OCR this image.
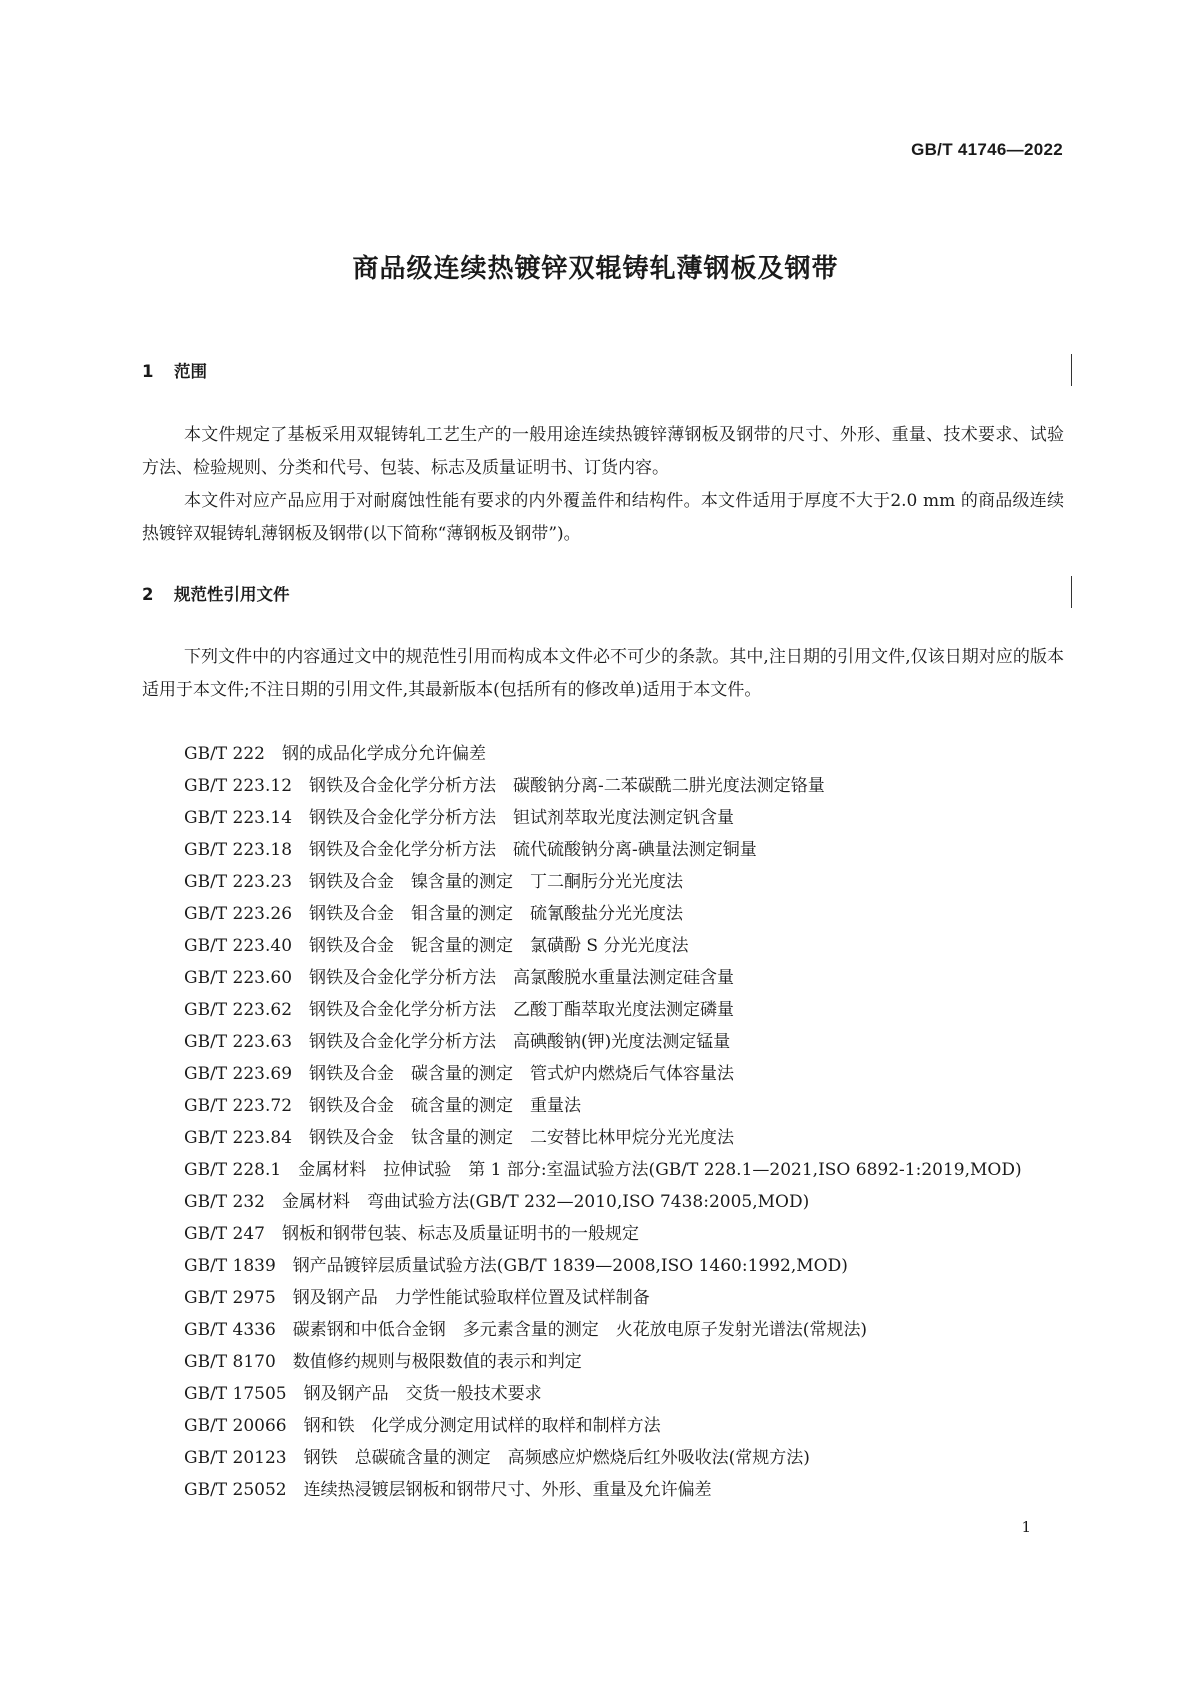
GB/T 41746—2022
商品级连续热镀锌双辊铸轧薄钢板及钢带
1 范围

本文件规定了基板采用双辊铸轧工艺生产的一般用途连续热镀锌薄钢板及钢带的尺寸、外形、重量、技术要求、试验方法、检验规则、分类和代号、包装、标志及质量证明书、订货内容。

本文件对应产品应用于对耐腐蚀性能有要求的内外覆盖件和结构件。本文件适用于厚度不大于2.0 mm 的商品级连续热镀锌双辊铸轧薄钢板及钢带(以下简称“薄钢板及钢带”)。

2 规范性引用文件

下列文件中的内容通过文中的规范性引用而构成本文件必不可少的条款。其中,注日期的引用文件,仅该日期对应的版本适用于本文件;不注日期的引用文件,其最新版本(包括所有的修改单)适用于本文件。

GB/T 222　钢的成品化学成分允许偏差
GB/T 223.12　钢铁及合金化学分析方法　碳酸钠分离-二苯碳酰二肼光度法测定铬量
GB/T 223.14　钢铁及合金化学分析方法　钽试剂萃取光度法测定钒含量
GB/T 223.18　钢铁及合金化学分析方法　硫代硫酸钠分离-碘量法测定铜量
GB/T 223.23　钢铁及合金　镍含量的测定　丁二酮肟分光光度法
GB/T 223.26　钢铁及合金　钼含量的测定　硫氰酸盐分光光度法
GB/T 223.40　钢铁及合金　铌含量的测定　氯磺酚 S 分光光度法
GB/T 223.60　钢铁及合金化学分析方法　高氯酸脱水重量法测定硅含量
GB/T 223.62　钢铁及合金化学分析方法　乙酸丁酯萃取光度法测定磷量
GB/T 223.63　钢铁及合金化学分析方法　高碘酸钠(钾)光度法测定锰量
GB/T 223.69　钢铁及合金　碳含量的测定　管式炉内燃烧后气体容量法
GB/T 223.72　钢铁及合金　硫含量的测定　重量法
GB/T 223.84　钢铁及合金　钛含量的测定　二安替比林甲烷分光光度法
GB/T 228.1　金属材料　拉伸试验　第 1 部分:室温试验方法(GB/T 228.1—2021,ISO 6892-1:2019,MOD)
GB/T 232　金属材料　弯曲试验方法(GB/T 232—2010,ISO 7438:2005,MOD)
GB/T 247　钢板和钢带包装、标志及质量证明书的一般规定
GB/T 1839　钢产品镀锌层质量试验方法(GB/T 1839—2008,ISO 1460:1992,MOD)
GB/T 2975　钢及钢产品　力学性能试验取样位置及试样制备
GB/T 4336　碳素钢和中低合金钢　多元素含量的测定　火花放电原子发射光谱法(常规法)
GB/T 8170　数值修约规则与极限数值的表示和判定
GB/T 17505　钢及钢产品　交货一般技术要求
GB/T 20066　钢和铁　化学成分测定用试样的取样和制样方法
GB/T 20123　钢铁　总碳硫含量的测定　高频感应炉燃烧后红外吸收法(常规方法)
GB/T 25052　连续热浸镀层钢板和钢带尺寸、外形、重量及允许偏差
1
